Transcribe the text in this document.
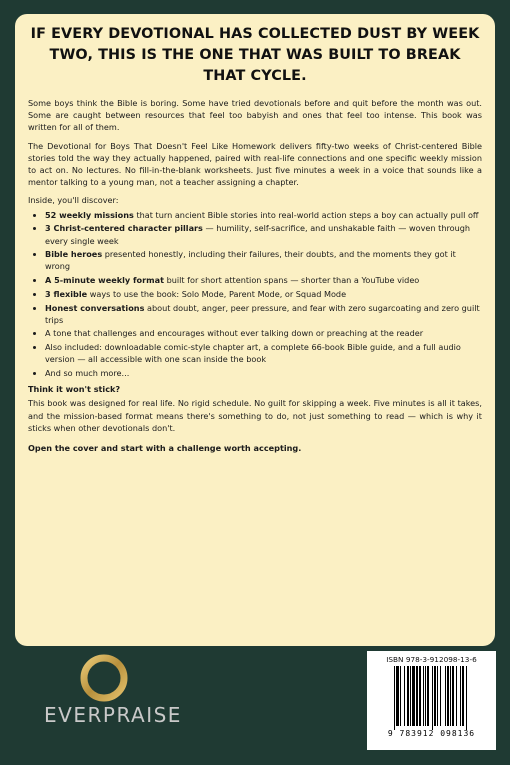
IF EVERY DEVOTIONAL HAS COLLECTED DUST BY WEEK TWO, THIS IS THE ONE THAT WAS BUILT TO BREAK THAT CYCLE.

Some boys think the Bible is boring. Some have tried devotionals before and quit before the month was out. Some are caught between resources that feel too babyish and ones that feel too intense. This book was written for all of them.

The Devotional for Boys That Doesn't Feel Like Homework delivers fifty-two weeks of Christ-centered Bible stories told the way they actually happened, paired with real-life connections and one specific weekly mission to act on. No lectures. No fill-in-the-blank worksheets. Just five minutes a week in a voice that sounds like a mentor talking to a young man, not a teacher assigning a chapter.

Inside, you'll discover:

• 52 weekly missions that turn ancient Bible stories into real-world action steps a boy can actually pull off
• 3 Christ-centered character pillars — humility, self-sacrifice, and unshakable faith — woven through every single week
• Bible heroes presented honestly, including their failures, their doubts, and the moments they got it wrong
• A 5-minute weekly format built for short attention spans — shorter than a YouTube video
• 3 flexible ways to use the book: Solo Mode, Parent Mode, or Squad Mode
• Honest conversations about doubt, anger, peer pressure, and fear with zero sugarcoating and zero guilt trips
• A tone that challenges and encourages without ever talking down or preaching at the reader
• Also included: downloadable comic-style chapter art, a complete 66-book Bible guide, and a full audio version — all accessible with one scan inside the book
• And so much more...

Think it won't stick?

This book was designed for real life. No rigid schedule. No guilt for skipping a week. Five minutes is all it takes, and the mission-based format means there's something to do, not just something to read — which is why it sticks when other devotionals don't.

Open the cover and start with a challenge worth accepting.

EVERPRAISE
ISBN 978-3-912098-13-6
9 783912 098136
